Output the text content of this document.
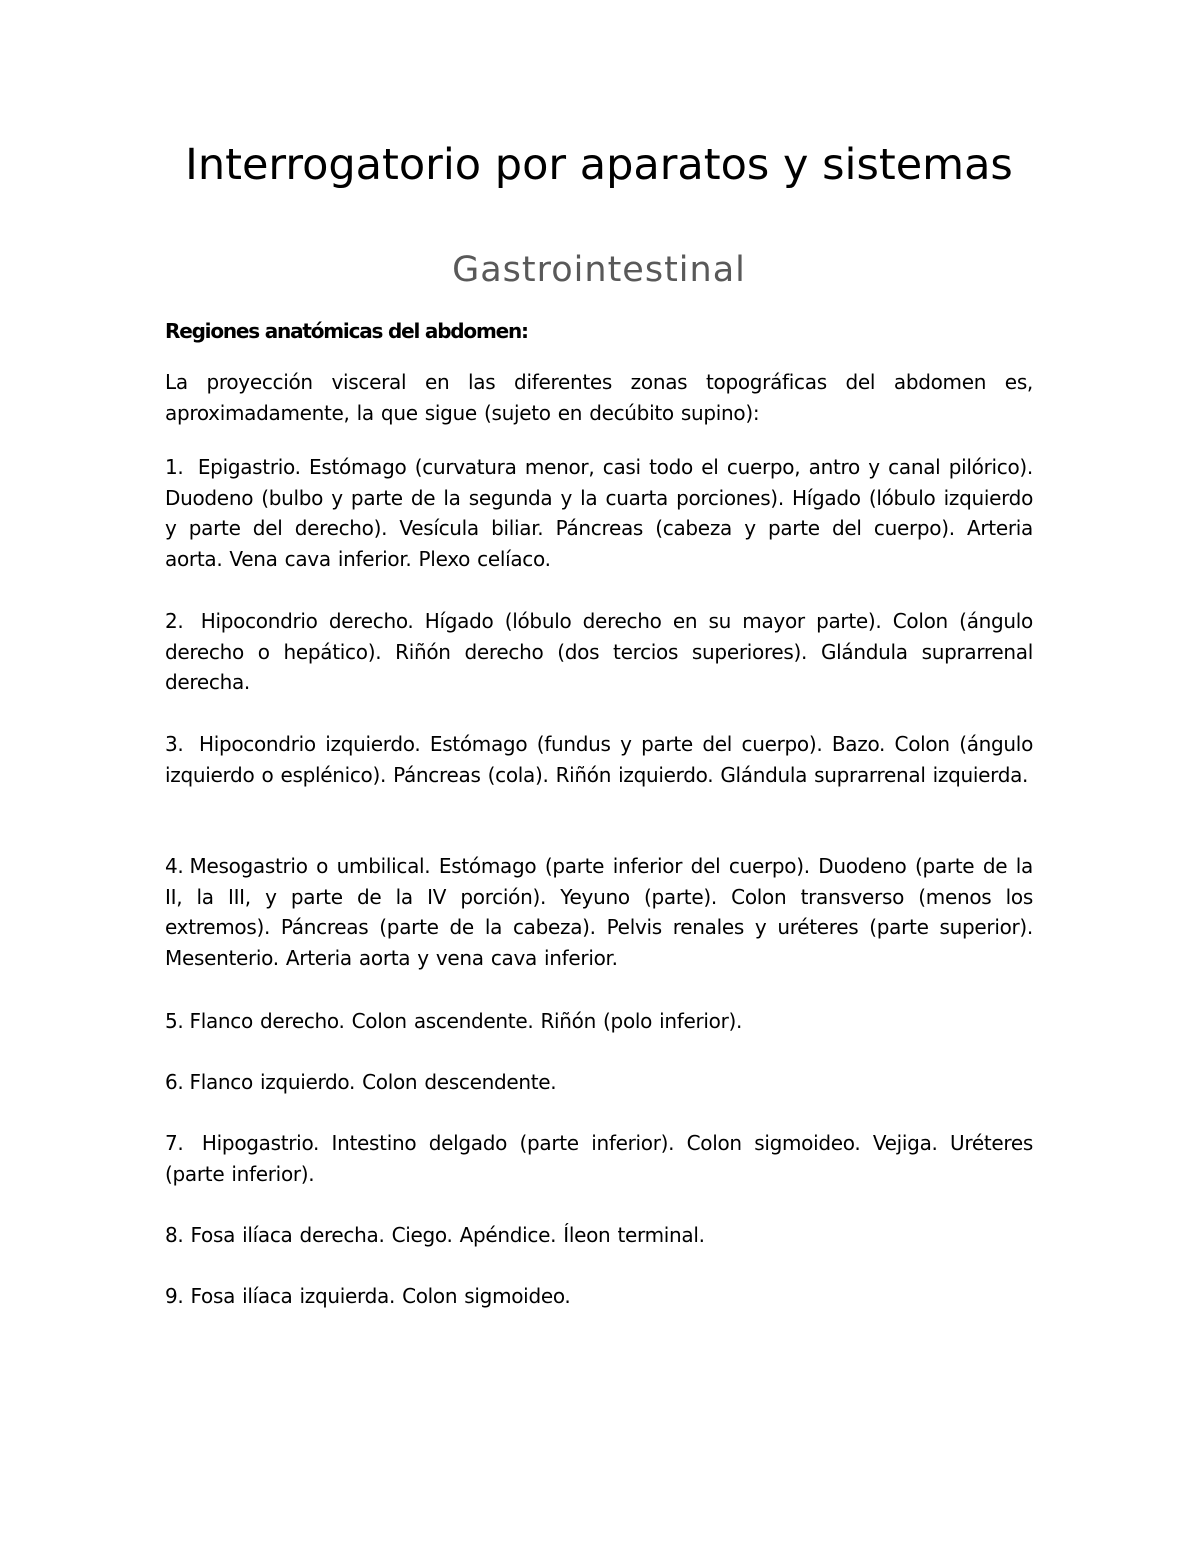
Interrogatorio por aparatos y sistemas
Gastrointestinal

Regiones anatómicas del abdomen:

La proyección visceral en las diferentes zonas topográficas del abdomen es, aproximadamente, la que sigue (sujeto en decúbito supino):

1. Epigastrio. Estómago (curvatura menor, casi todo el cuerpo, antro y canal pilórico). Duodeno (bulbo y parte de la segunda y la cuarta porciones). Hígado (lóbulo izquierdo y parte del derecho). Vesícula biliar. Páncreas (cabeza y parte del cuerpo). Arteria aorta. Vena cava inferior. Plexo celíaco.

2. Hipocondrio derecho. Hígado (lóbulo derecho en su mayor parte). Colon (ángulo derecho o hepático). Riñón derecho (dos tercios superiores). Glándula suprarrenal derecha.

3. Hipocondrio izquierdo. Estómago (fundus y parte del cuerpo). Bazo. Colon (ángulo izquierdo o esplénico). Páncreas (cola). Riñón izquierdo. Glándula suprarrenal izquierda.

4. Mesogastrio o umbilical. Estómago (parte inferior del cuerpo). Duodeno (parte de la II, la III, y parte de la IV porción). Yeyuno (parte). Colon transverso (menos los extremos). Páncreas (parte de la cabeza). Pelvis renales y uréteres (parte superior). Mesenterio. Arteria aorta y vena cava inferior.

5. Flanco derecho. Colon ascendente. Riñón (polo inferior).

6. Flanco izquierdo. Colon descendente.

7. Hipogastrio. Intestino delgado (parte inferior). Colon sigmoideo. Vejiga. Uréteres (parte inferior).

8. Fosa ilíaca derecha. Ciego. Apéndice. Íleon terminal.

9. Fosa ilíaca izquierda. Colon sigmoideo.
